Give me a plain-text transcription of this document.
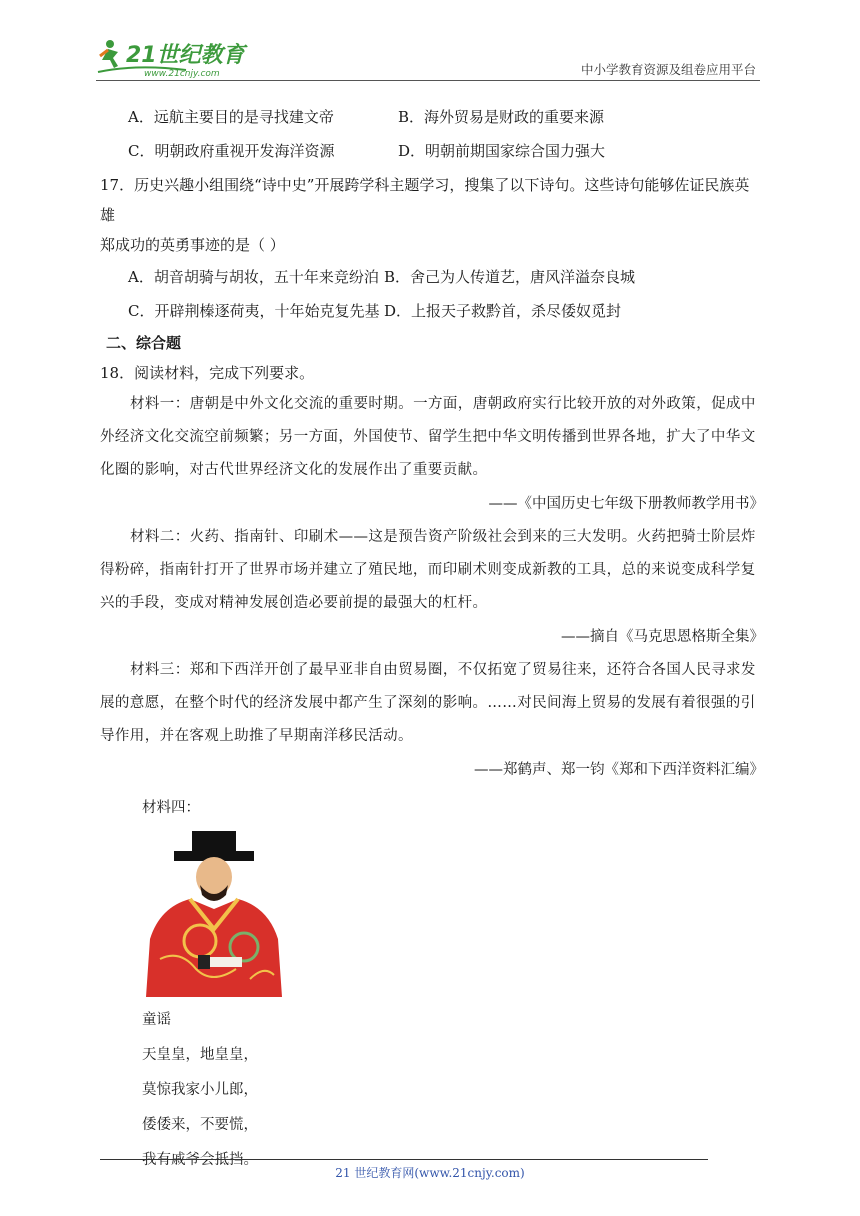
21世纪教育
www.21cnjy.com	中小学教育资源及组卷应用平台
A．远航主要目的是寻找建文帝	B．海外贸易是财政的重要来源
C．明朝政府重视开发海洋资源	D．明朝前期国家综合国力强大
17．历史兴趣小组围绕“诗中史”开展跨学科主题学习，搜集了以下诗句。这些诗句能够佐证民族英雄
郑成功的英勇事迹的是（ ）
A．胡音胡骑与胡妆，五十年来竞纷泊 B．舍己为人传道艺，唐风洋溢奈良城
C．开辟荆榛逐荷夷，十年始克复先基 D．上报天子救黔首，杀尽倭奴觅封
二、综合题
18．阅读材料，完成下列要求。
材料一：唐朝是中外文化交流的重要时期。一方面，唐朝政府实行比较开放的对外政策，促成中外经济文化交流空前频繁；另一方面，外国使节、留学生把中华文明传播到世界各地，扩大了中华文化圈的影响，对古代世界经济文化的发展作出了重要贡献。
——《中国历史七年级下册教师教学用书》
材料二：火药、指南针、印刷术——这是预告资产阶级社会到来的三大发明。火药把骑士阶层炸得粉碎，指南针打开了世界市场并建立了殖民地，而印刷术则变成新教的工具，总的来说变成科学复兴的手段，变成对精神发展创造必要前提的最强大的杠杆。
——摘自《马克思恩格斯全集》
材料三：郑和下西洋开创了最早亚非自由贸易圈，不仅拓宽了贸易往来，还符合各国人民寻求发展的意愿，在整个时代的经济发展中都产生了深刻的影响。……对民间海上贸易的发展有着很强的引导作用，并在客观上助推了早期南洋移民活动。
——郑鹤声、郑一钧《郑和下西洋资料汇编》
材料四：
童谣
天皇皇，地皇皇，
莫惊我家小儿郎，
倭倭来，不要慌，
我有戚爷会抵挡。
21 世纪教育网(www.21cnjy.com)
